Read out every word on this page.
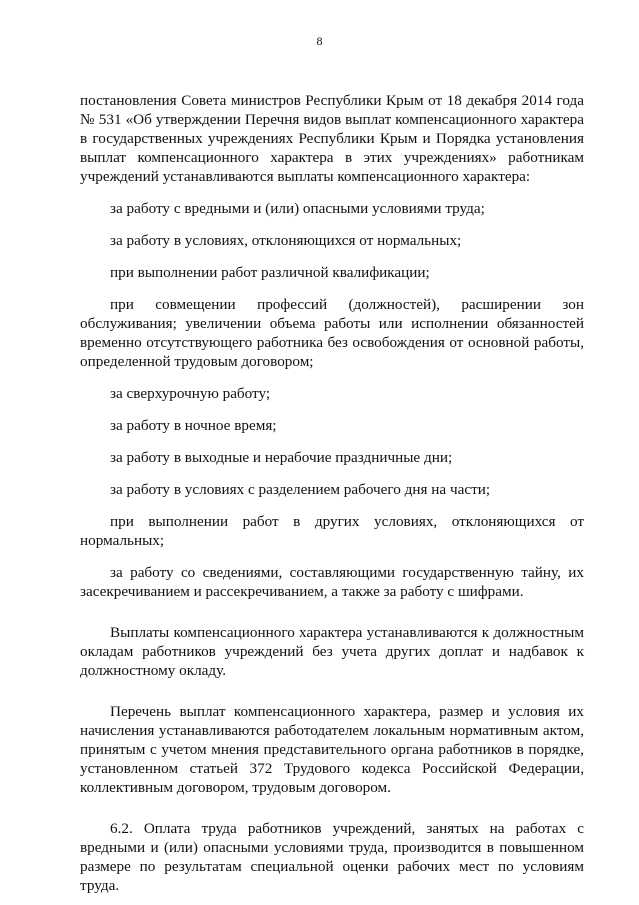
8

постановления Совета министров Республики Крым от 18 декабря 2014 года № 531 «Об утверждении Перечня видов выплат компенсационного характера в государственных учреждениях Республики Крым и Порядка установления выплат компенсационного характера в этих учреждениях» работникам учреждений устанавливаются выплаты компенсационного характера:

за работу с вредными и (или) опасными условиями труда;

за работу в условиях, отклоняющихся от нормальных;

при выполнении работ различной квалификации;

при совмещении профессий (должностей), расширении зон обслуживания; увеличении объема работы или исполнении обязанностей временно отсутствующего работника без освобождения от основной работы, определенной трудовым договором;

за сверхурочную работу;

за работу в ночное время;

за работу в выходные и нерабочие праздничные дни;

за работу в условиях с разделением рабочего дня на части;

при выполнении работ в других условиях, отклоняющихся от нормальных;

за работу со сведениями, составляющими государственную тайну, их засекречиванием и рассекречиванием, а также за работу с шифрами.

Выплаты компенсационного характера устанавливаются к должностным окладам работников учреждений без учета других доплат и надбавок к должностному окладу.

Перечень выплат компенсационного характера, размер и условия их начисления устанавливаются работодателем локальным нормативным актом, принятым с учетом мнения представительного органа работников в порядке, установленном статьей 372 Трудового кодекса Российской Федерации, коллективным договором, трудовым договором.

6.2. Оплата труда работников учреждений, занятых на работах с вредными и (или) опасными условиями труда, производится в повышенном размере по результатам специальной оценки рабочих мест по условиям труда.
